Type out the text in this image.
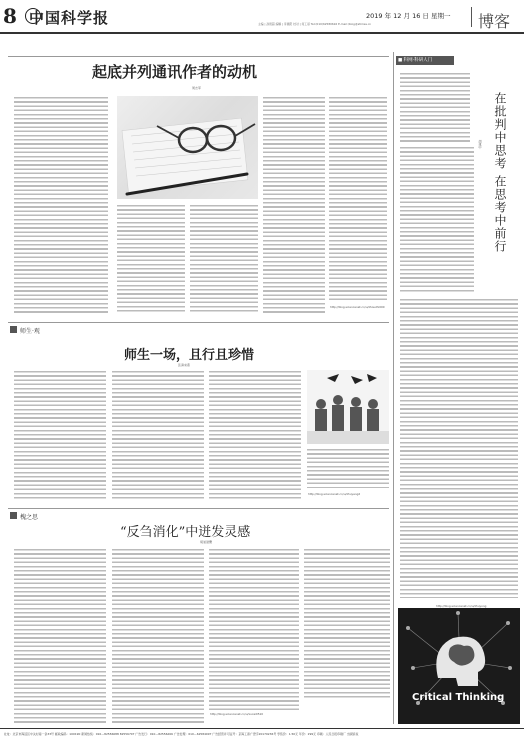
8 中国科学报	2019 年 12 月 16 日 星期一
主编 | 孙毅超 编辑 | 李晨阳 校对 | 何工哥 Tel:(010)62580616 E-mail:(blog@stimes.cn	博客
起底并列通讯作者的动机
周志军
http://blog.sciencenet.cn/u/zhouzhi000
■ 科网·科研人门
在批判中思考 在思考中前行
胡建中
http://blog.sciencenet.cn/u/zhuyong
Critical Thinking
师生·观
师生一场，且行且珍惜
张润来燕
http://blog.sciencenet.cn/u/zhuyang2
槐之思
“反刍消化”中迸发灵感
胡旭谐鹰
http://blog.sciencenet.cn/u/xucai0510
社址：北京市海淀区中关村南一条33号 邮政编码：100190 新闻热线：010—82556688 82556707 广告发行：010—82556266 广告处理：010—62584097 广告经营许可证号：京海工商广登字20170236号 零售价：1.50元 年价：299元 印刷：人民日报印刷厂 出版版权
